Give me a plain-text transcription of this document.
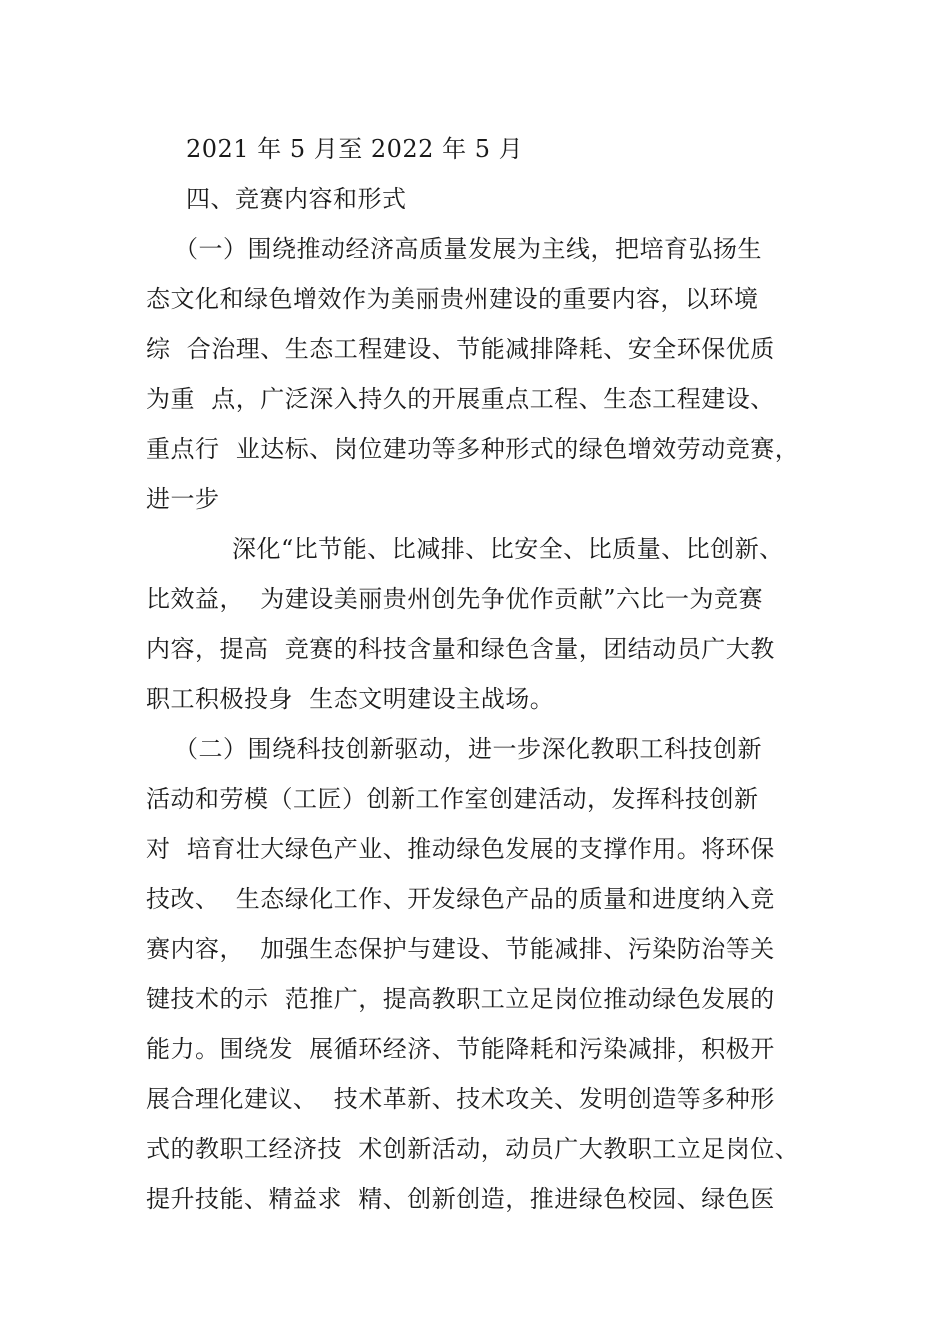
2021 年 5 月至 2022 年 5 月
四、竞赛内容和形式
（一）围绕推动经济高质量发展为主线，把培育弘扬生
态文化和绿色增效作为美丽贵州建设的重要内容，以环境
综  合治理、生态工程建设、节能减排降耗、安全环保优质
为重  点，广泛深入持久的开展重点工程、生态工程建设、
重点行  业达标、岗位建功等多种形式的绿色增效劳动竞赛，
进一步
深化“比节能、比减排、比安全、比质量、比创新、
比效益，  为建设美丽贵州创先争优作贡献”六比一为竞赛
内容，提高  竞赛的科技含量和绿色含量，团结动员广大教
职工积极投身  生态文明建设主战场。
（二）围绕科技创新驱动，进一步深化教职工科技创新
活动和劳模（工匠）创新工作室创建活动，发挥科技创新
对  培育壮大绿色产业、推动绿色发展的支撑作用。将环保
技改、  生态绿化工作、开发绿色产品的质量和进度纳入竞
赛内容，  加强生态保护与建设、节能减排、污染防治等关
键技术的示  范推广，提高教职工立足岗位推动绿色发展的
能力。围绕发  展循环经济、节能降耗和污染减排，积极开
展合理化建议、  技术革新、技术攻关、发明创造等多种形
式的教职工经济技  术创新活动，动员广大教职工立足岗位、
提升技能、精益求  精、创新创造，推进绿色校园、绿色医
